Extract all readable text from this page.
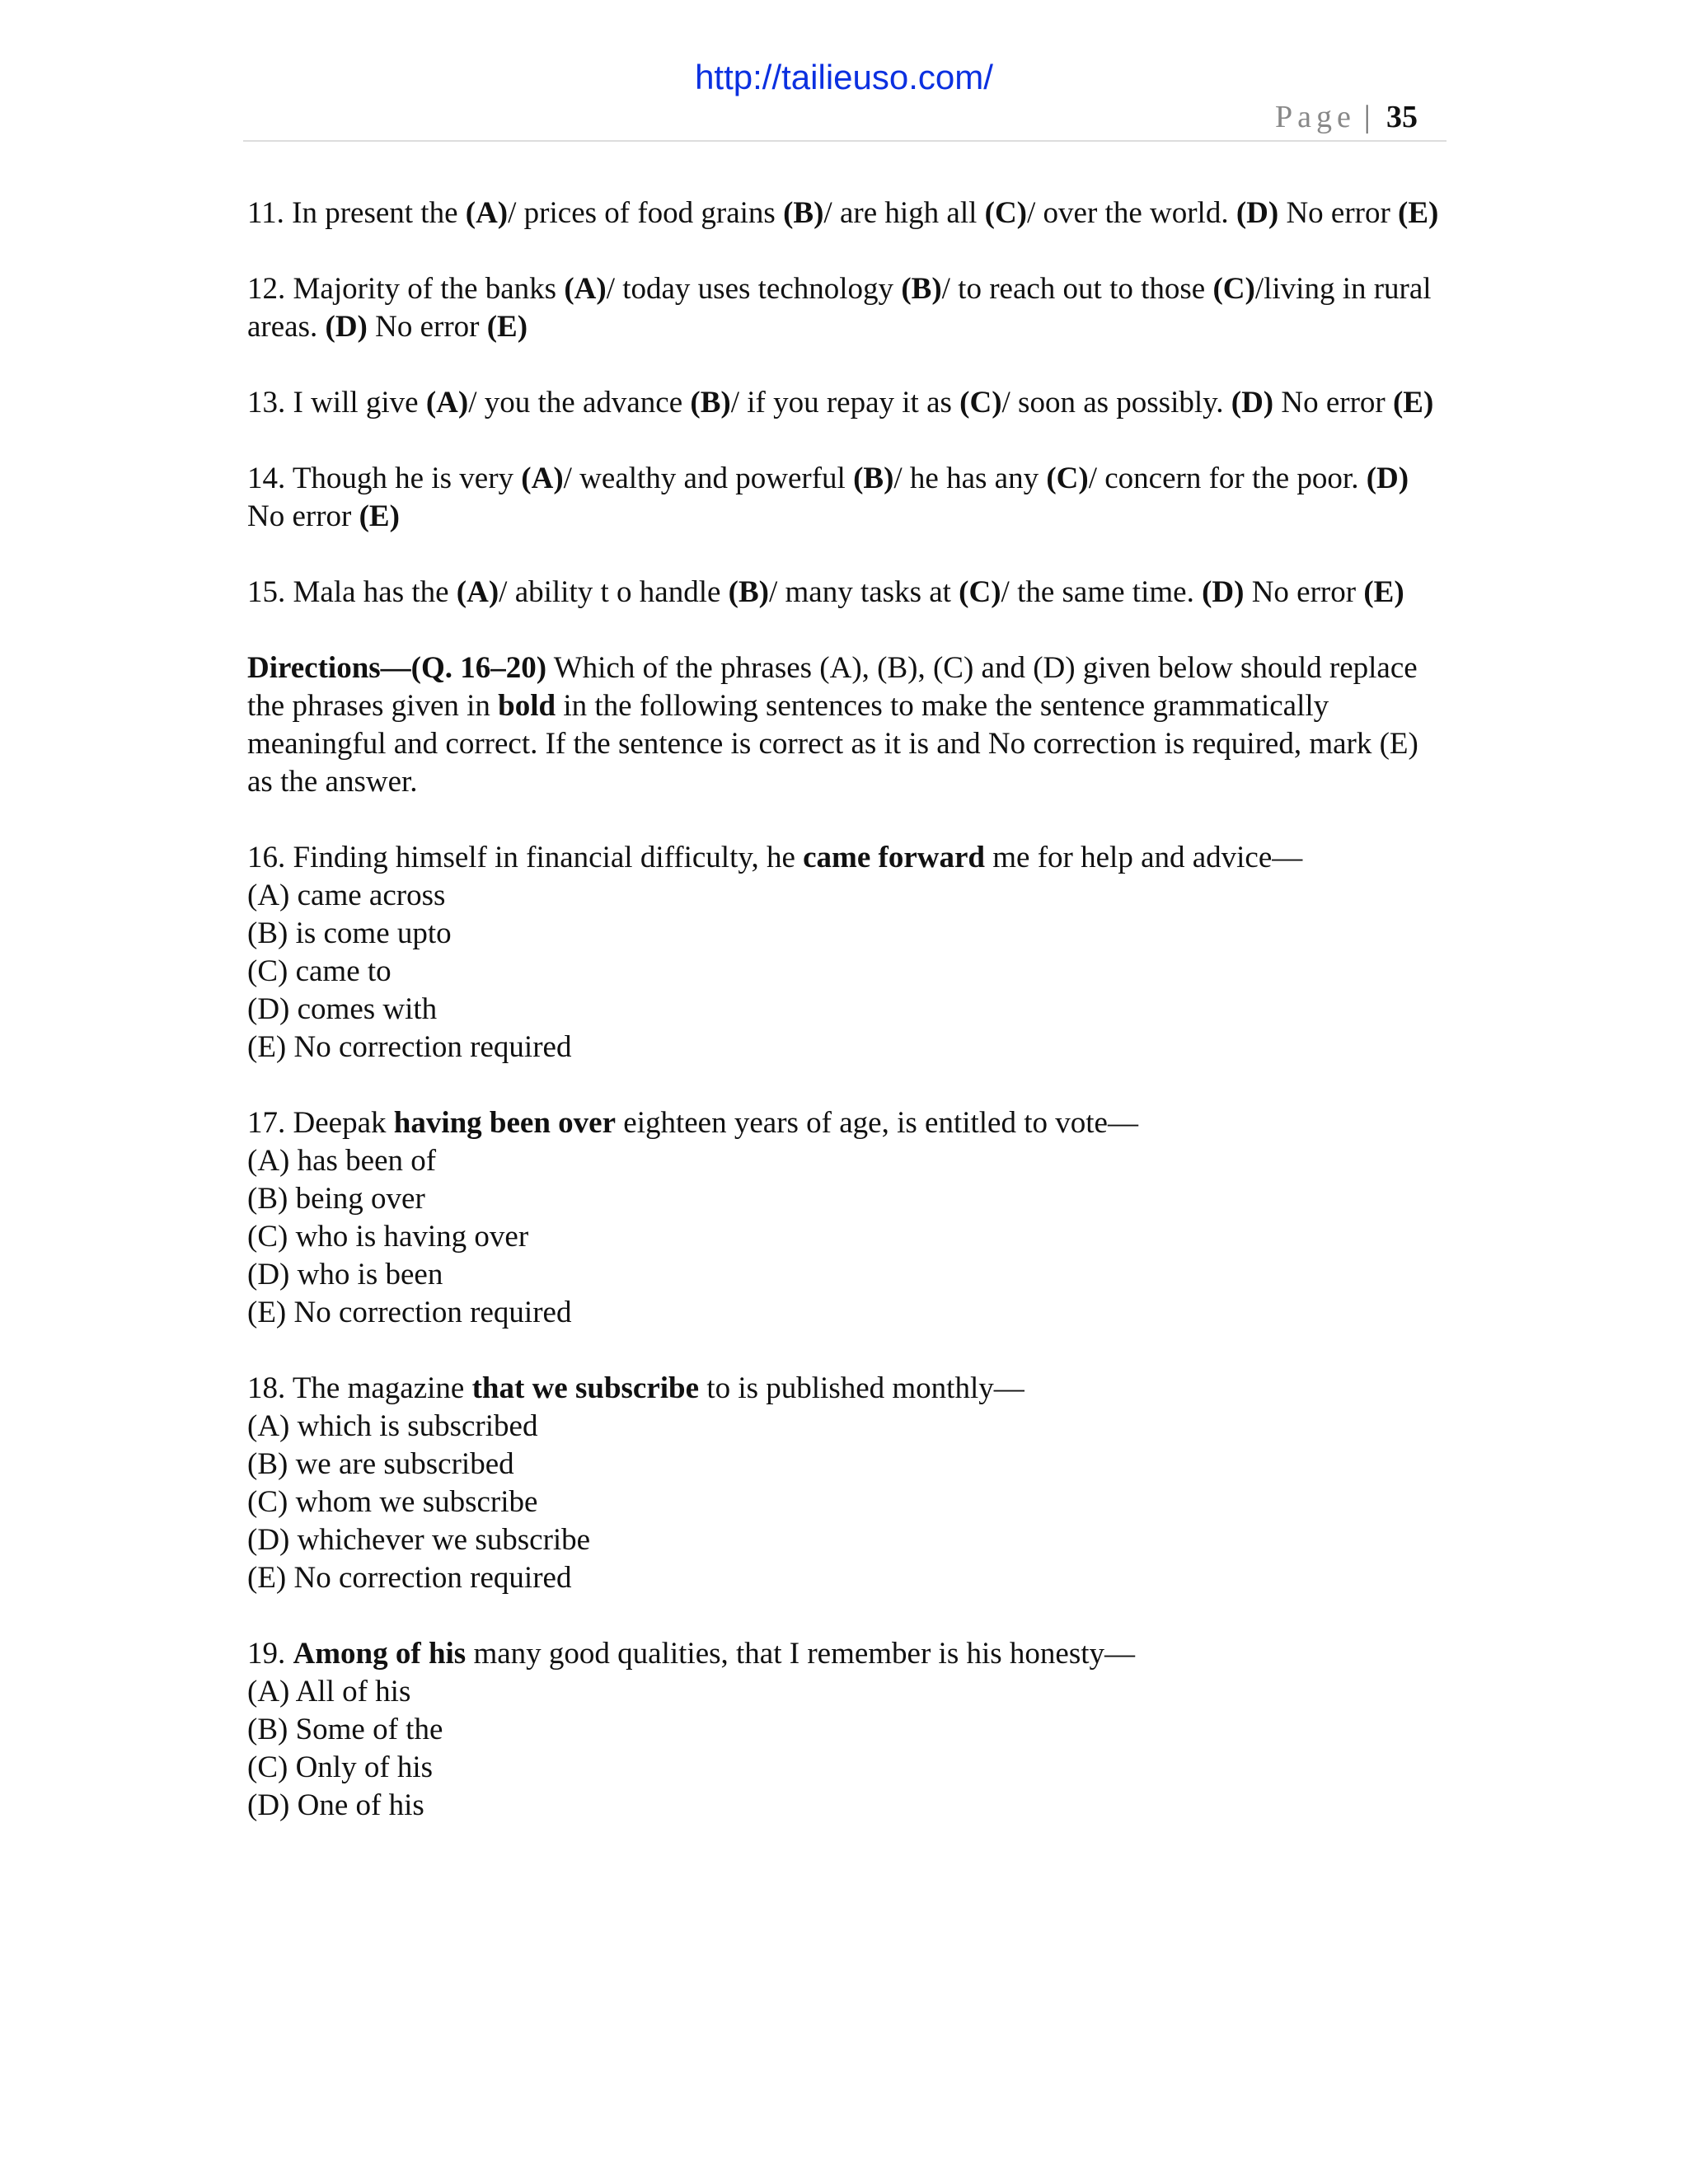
http://tailieuso.com/
Page | 35

11. In present the (A)/ prices of food grains (B)/ are high all (C)/ over the world. (D) No error (E)

12. Majority of the banks (A)/ today uses technology (B)/ to reach out to those (C)/living in rural areas. (D) No error (E)

13. I will give (A)/ you the advance (B)/ if you repay it as (C)/ soon as possibly. (D) No error (E)

14. Though he is very (A)/ wealthy and powerful (B)/ he has any (C)/ concern for the poor. (D) No error (E)

15. Mala has the (A)/ ability t o handle (B)/ many tasks at (C)/ the same time. (D) No error (E)

Directions—(Q. 16–20) Which of the phrases (A), (B), (C) and (D) given below should replace the phrases given in bold in the following sentences to make the sentence grammatically meaningful and correct. If the sentence is correct as it is and No correction is required, mark (E) as the answer.

16. Finding himself in financial difficulty, he came forward me for help and advice—

(A) came across
(B) is come upto
(C) came to
(D) comes with
(E) No correction required

17. Deepak having been over eighteen years of age, is entitled to vote—

(A) has been of
(B) being over
(C) who is having over
(D) who is been
(E) No correction required

18. The magazine that we subscribe to is published monthly—

(A) which is subscribed
(B) we are subscribed
(C) whom we subscribe
(D) whichever we subscribe
(E) No correction required

19. Among of his many good qualities, that I remember is his honesty—

(A) All of his
(B) Some of the
(C) Only of his
(D) One of his
